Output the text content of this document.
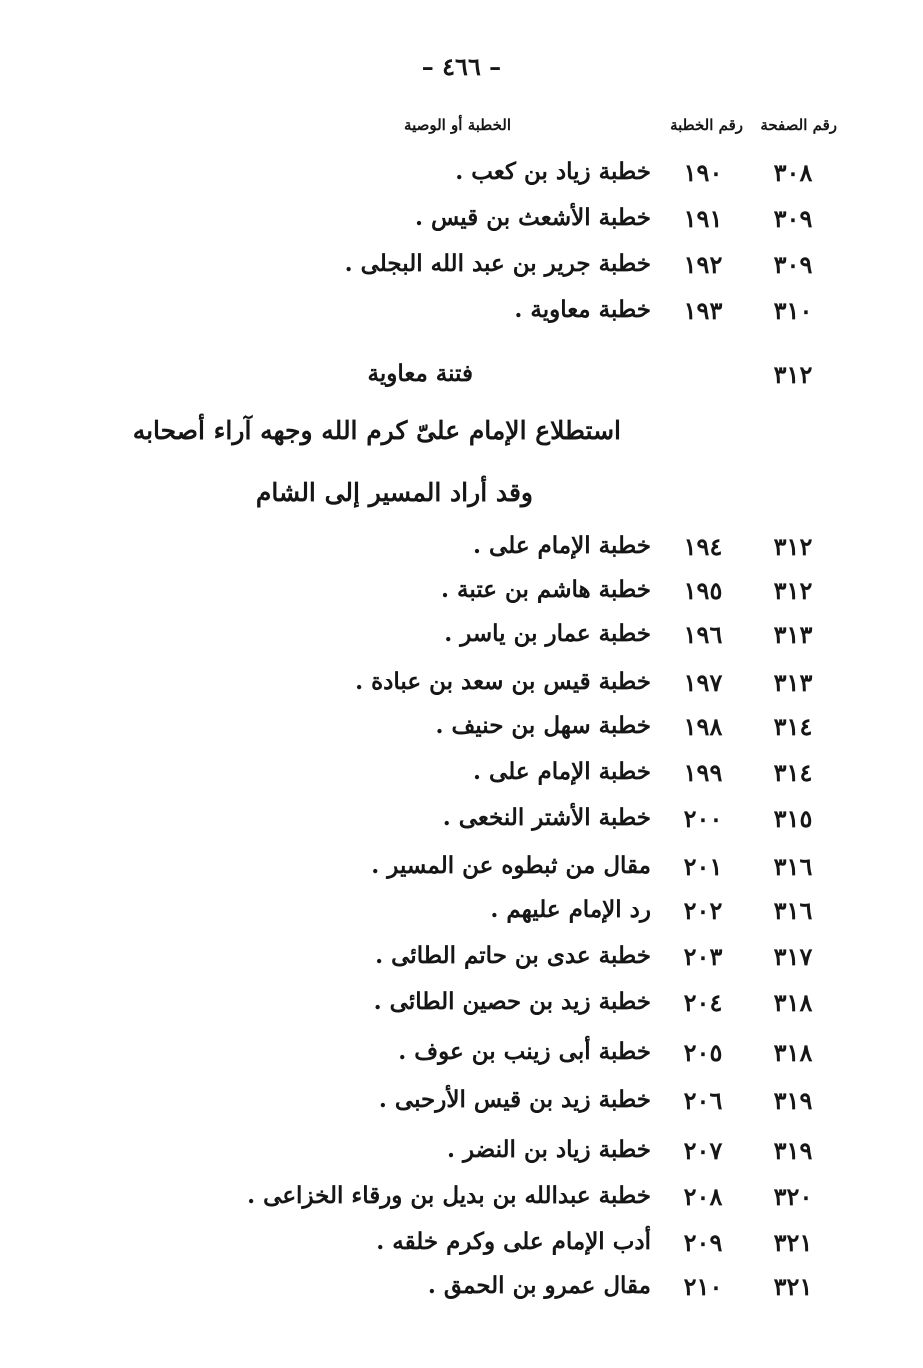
– ٤٦٦ –
رقم الصفحة
رقم الخطبة
الخطبة أو الوصية
٣٠٨
١٩٠
خطبة زياد بن كعب .
٣٠٩
١٩١
خطبة الأشعث بن قيس .
٣٠٩
١٩٢
خطبة جرير بن عبد الله البجلى .
٣١٠
١٩٣
خطبة معاوية .
٣١٢
فتنة معاوية
استطلاع الإمام علىّ كرم الله وجهه آراء أصحابه
وقد أراد المسير إلى الشام
٣١٢
١٩٤
خطبة الإمام على .
٣١٢
١٩٥
خطبة هاشم بن عتبة .
٣١٣
١٩٦
خطبة عمار بن ياسر .
٣١٣
١٩٧
خطبة قيس بن سعد بن عبادة .
٣١٤
١٩٨
خطبة سهل بن حنيف .
٣١٤
١٩٩
خطبة الإمام على .
٣١٥
٢٠٠
خطبة الأشتر النخعى .
٣١٦
٢٠١
مقال من ثبطوه عن المسير .
٣١٦
٢٠٢
رد الإمام عليهم .
٣١٧
٢٠٣
خطبة عدى بن حاتم الطائى .
٣١٨
٢٠٤
خطبة زيد بن حصين الطائى .
٣١٨
٢٠٥
خطبة أبى زينب بن عوف .
٣١٩
٢٠٦
خطبة زيد بن قيس الأرحبى .
٣١٩
٢٠٧
خطبة زياد بن النضر .
٣٢٠
٢٠٨
خطبة عبدالله بن بديل بن ورقاء الخزاعى .
٣٢١
٢٠٩
أدب الإمام على وكرم خلقه .
٣٢١
٢١٠
مقال عمرو بن الحمق .
